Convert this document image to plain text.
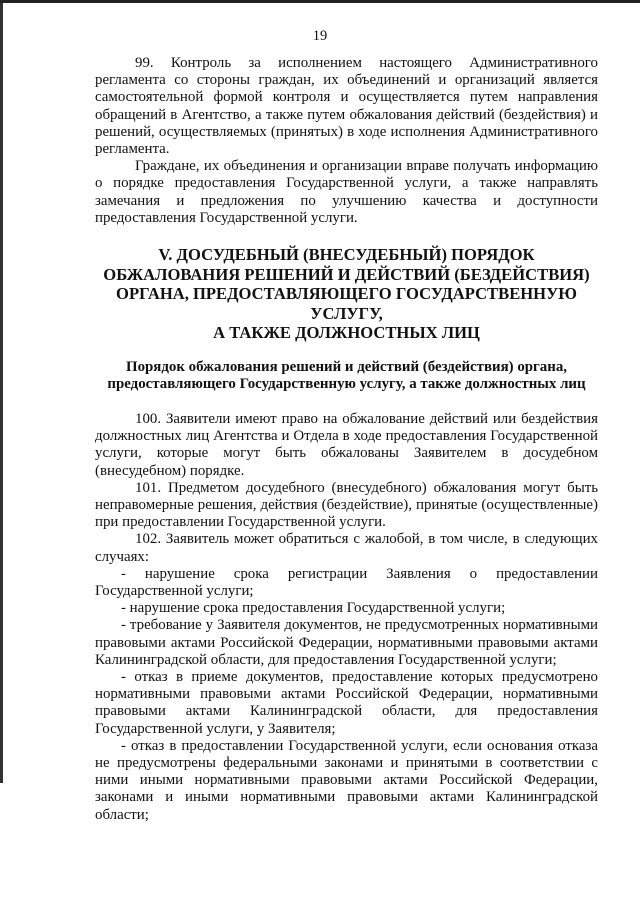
19

99. Контроль за исполнением настоящего Административного регламента со стороны граждан, их объединений и организаций является самостоятельной формой контроля и осуществляется путем направления обращений в Агентство, а также путем обжалования действий (бездействия) и решений, осуществляемых (принятых) в ходе исполнения Административного регламента.

Граждане, их объединения и организации вправе получать информацию о порядке предоставления Государственной услуги, а также направлять замечания и предложения по улучшению качества и доступности предоставления Государственной услуги.

V. ДОСУДЕБНЫЙ (ВНЕСУДЕБНЫЙ) ПОРЯДОК
ОБЖАЛОВАНИЯ РЕШЕНИЙ И ДЕЙСТВИЙ (БЕЗДЕЙСТВИЯ)
ОРГАНА, ПРЕДОСТАВЛЯЮЩЕГО ГОСУДАРСТВЕННУЮ УСЛУГУ,
А ТАКЖЕ ДОЛЖНОСТНЫХ ЛИЦ
Порядок обжалования решений и действий (бездействия) органа,
предоставляющего Государственную услугу, а также должностных лиц

100. Заявители имеют право на обжалование действий или бездействия должностных лиц Агентства и Отдела в ходе предоставления Государственной услуги, которые могут быть обжалованы Заявителем в досудебном (внесудебном) порядке.

101. Предметом досудебного (внесудебного) обжалования могут быть неправомерные решения, действия (бездействие), принятые (осуществленные) при предоставлении Государственной услуги.

102. Заявитель может обратиться с жалобой, в том числе, в следующих случаях:

- нарушение срока регистрации Заявления о предоставлении Государственной услуги;

- нарушение срока предоставления Государственной услуги;

- требование у Заявителя документов, не предусмотренных нормативными правовыми актами Российской Федерации, нормативными правовыми актами Калининградской области, для предоставления Государственной услуги;

- отказ в приеме документов, предоставление которых предусмотрено нормативными правовыми актами Российской Федерации, нормативными правовыми актами Калининградской области, для предоставления Государственной услуги, у Заявителя;

- отказ в предоставлении Государственной услуги, если основания отказа не предусмотрены федеральными законами и принятыми в соответствии с ними иными нормативными правовыми актами Российской Федерации, законами и иными нормативными правовыми актами Калининградской области;
